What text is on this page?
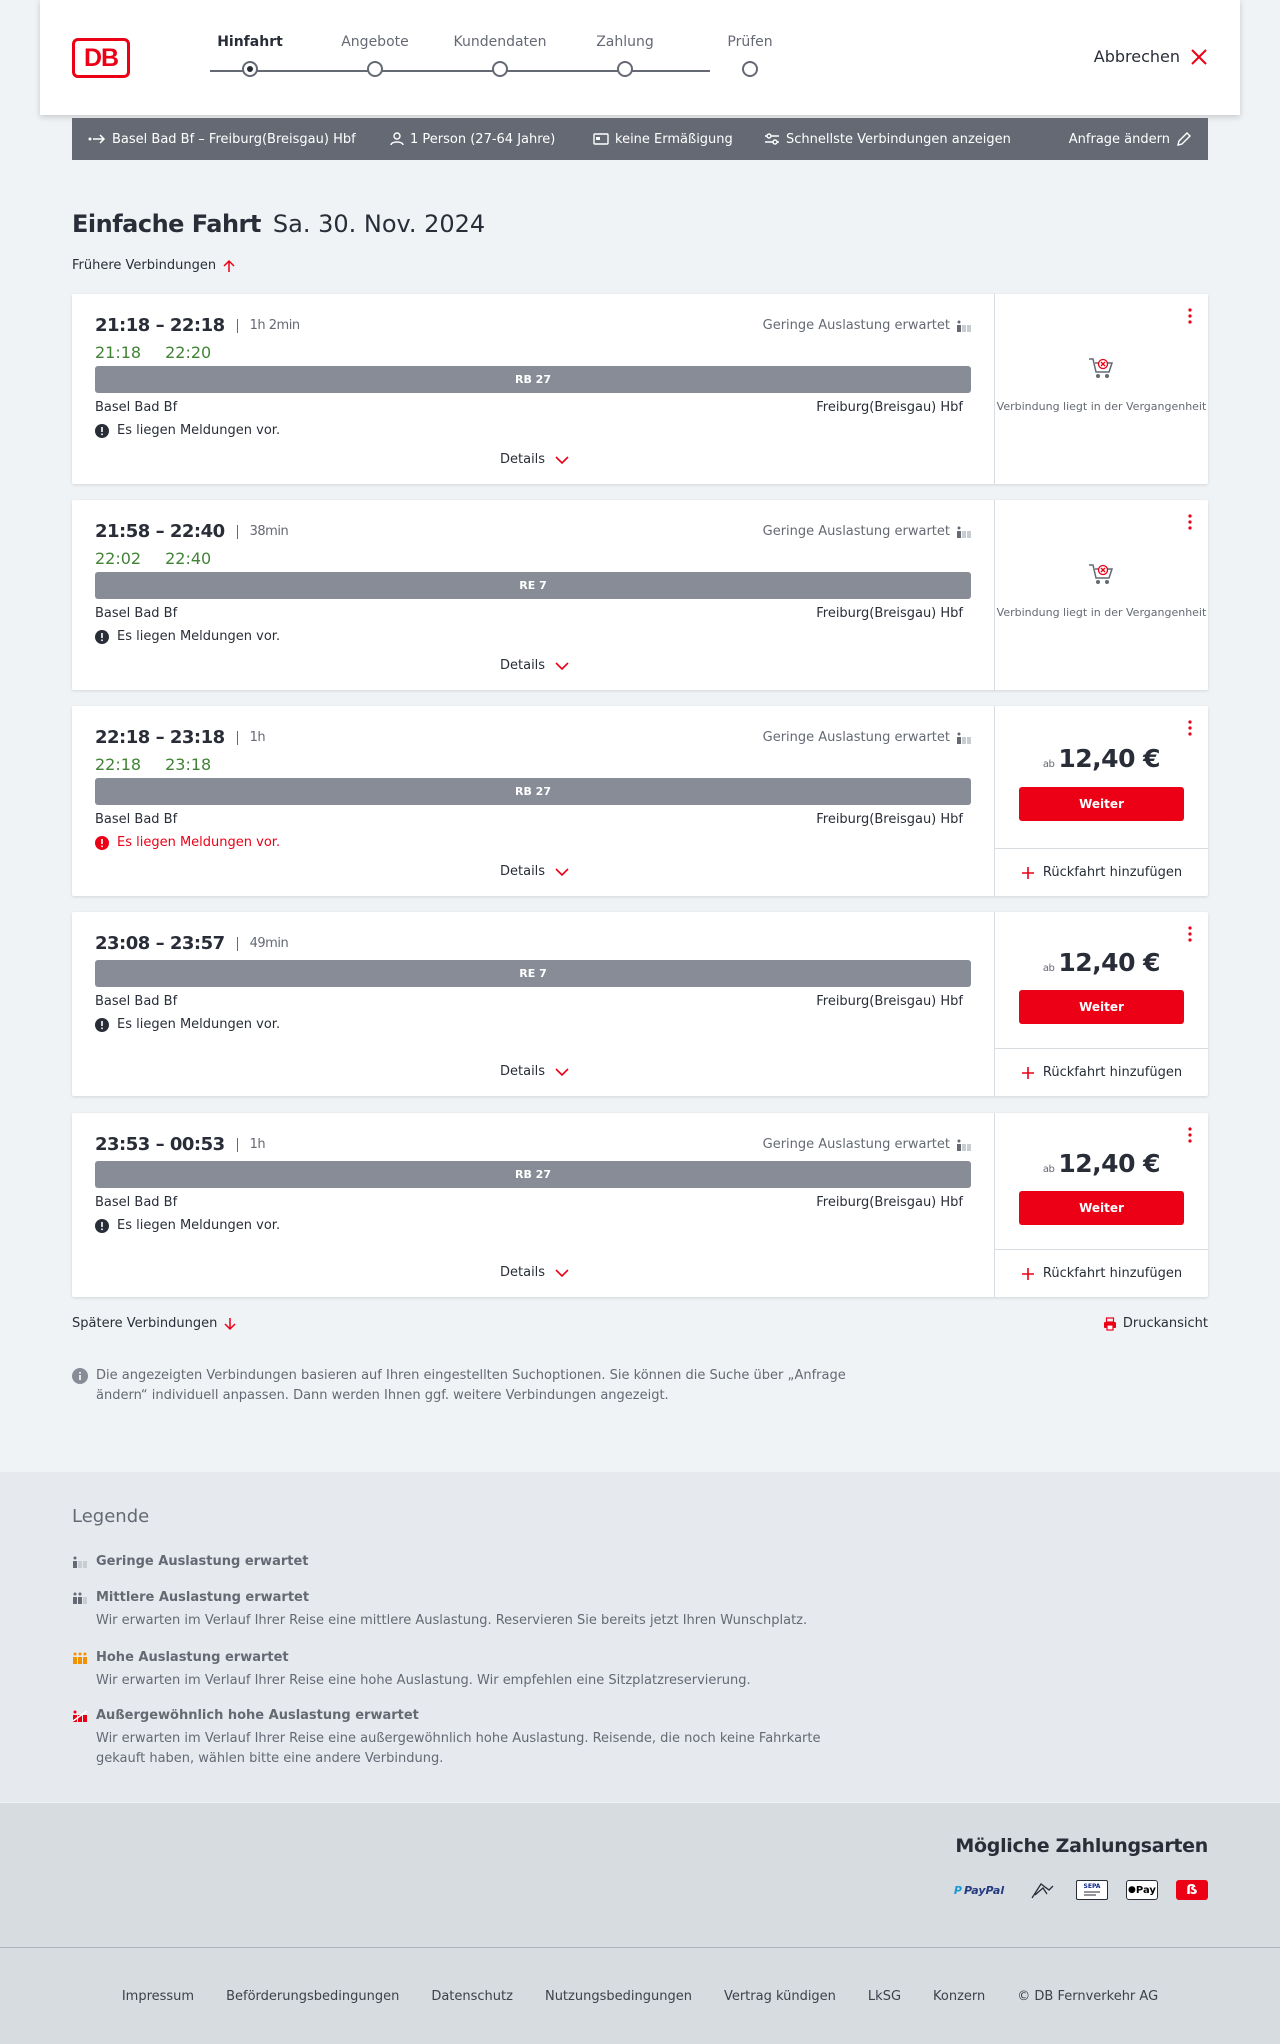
DB
Hinfahrt	Angebote	Kundendaten	Zahlung	Prüfen
Abbrechen
Basel Bad Bf – Freiburg(Breisgau) Hbf	1 Person (27-64 Jahre)	keine Ermäßigung	Schnellste Verbindungen anzeigen	Anfrage ändern
Einfache Fahrt Sa. 30. Nov. 2024
Frühere Verbindungen
21:18 – 22:18	1h 2min
21:18 22:20
Geringe Auslastung erwartet
RB 27
Basel Bad Bf	Freiburg(Breisgau) Hbf
Es liegen Meldungen vor.
Details
Verbindung liegt in der Vergangenheit
21:58 – 22:40	38min
22:02 22:40
Geringe Auslastung erwartet
RE 7
Basel Bad Bf	Freiburg(Breisgau) Hbf
Es liegen Meldungen vor.
Details
Verbindung liegt in der Vergangenheit
22:18 – 23:18	1h
22:18 23:18
Geringe Auslastung erwartet
RB 27
Basel Bad Bf	Freiburg(Breisgau) Hbf
Es liegen Meldungen vor.
Details
ab 12,40 €
Weiter
Rückfahrt hinzufügen
23:08 – 23:57	49min
RE 7
Basel Bad Bf	Freiburg(Breisgau) Hbf
Es liegen Meldungen vor.
Details
ab 12,40 €
Weiter
Rückfahrt hinzufügen
23:53 – 00:53	1h	Geringe Auslastung erwartet
RB 27
Basel Bad Bf	Freiburg(Breisgau) Hbf
Es liegen Meldungen vor.
Details
ab 12,40 €
Weiter
Rückfahrt hinzufügen
Spätere Verbindungen	Druckansicht
Die angezeigten Verbindungen basieren auf Ihren eingestellten Suchoptionen. Sie können die Suche über „Anfrage ändern“ individuell anpassen. Dann werden Ihnen ggf. weitere Verbindungen angezeigt.
Legende
Geringe Auslastung erwartet
Mittlere Auslastung erwartet
Wir erwarten im Verlauf Ihrer Reise eine mittlere Auslastung. Reservieren Sie bereits jetzt Ihren Wunschplatz.
Hohe Auslastung erwartet
Wir erwarten im Verlauf Ihrer Reise eine hohe Auslastung. Wir empfehlen eine Sitzplatzreservierung.
Außergewöhnlich hohe Auslastung erwartet
Wir erwarten im Verlauf Ihrer Reise eine außergewöhnlich hohe Auslastung. Reisende, die noch keine Fahrkarte gekauft haben, wählen bitte eine andere Verbindung.
Mögliche Zahlungsarten
P PayPal	SEPA	● Pay	ẞ
Impressum Beförderungsbedingungen Datenschutz Nutzungsbedingungen Vertrag kündigen LkSG Konzern © DB Fernverkehr AG
